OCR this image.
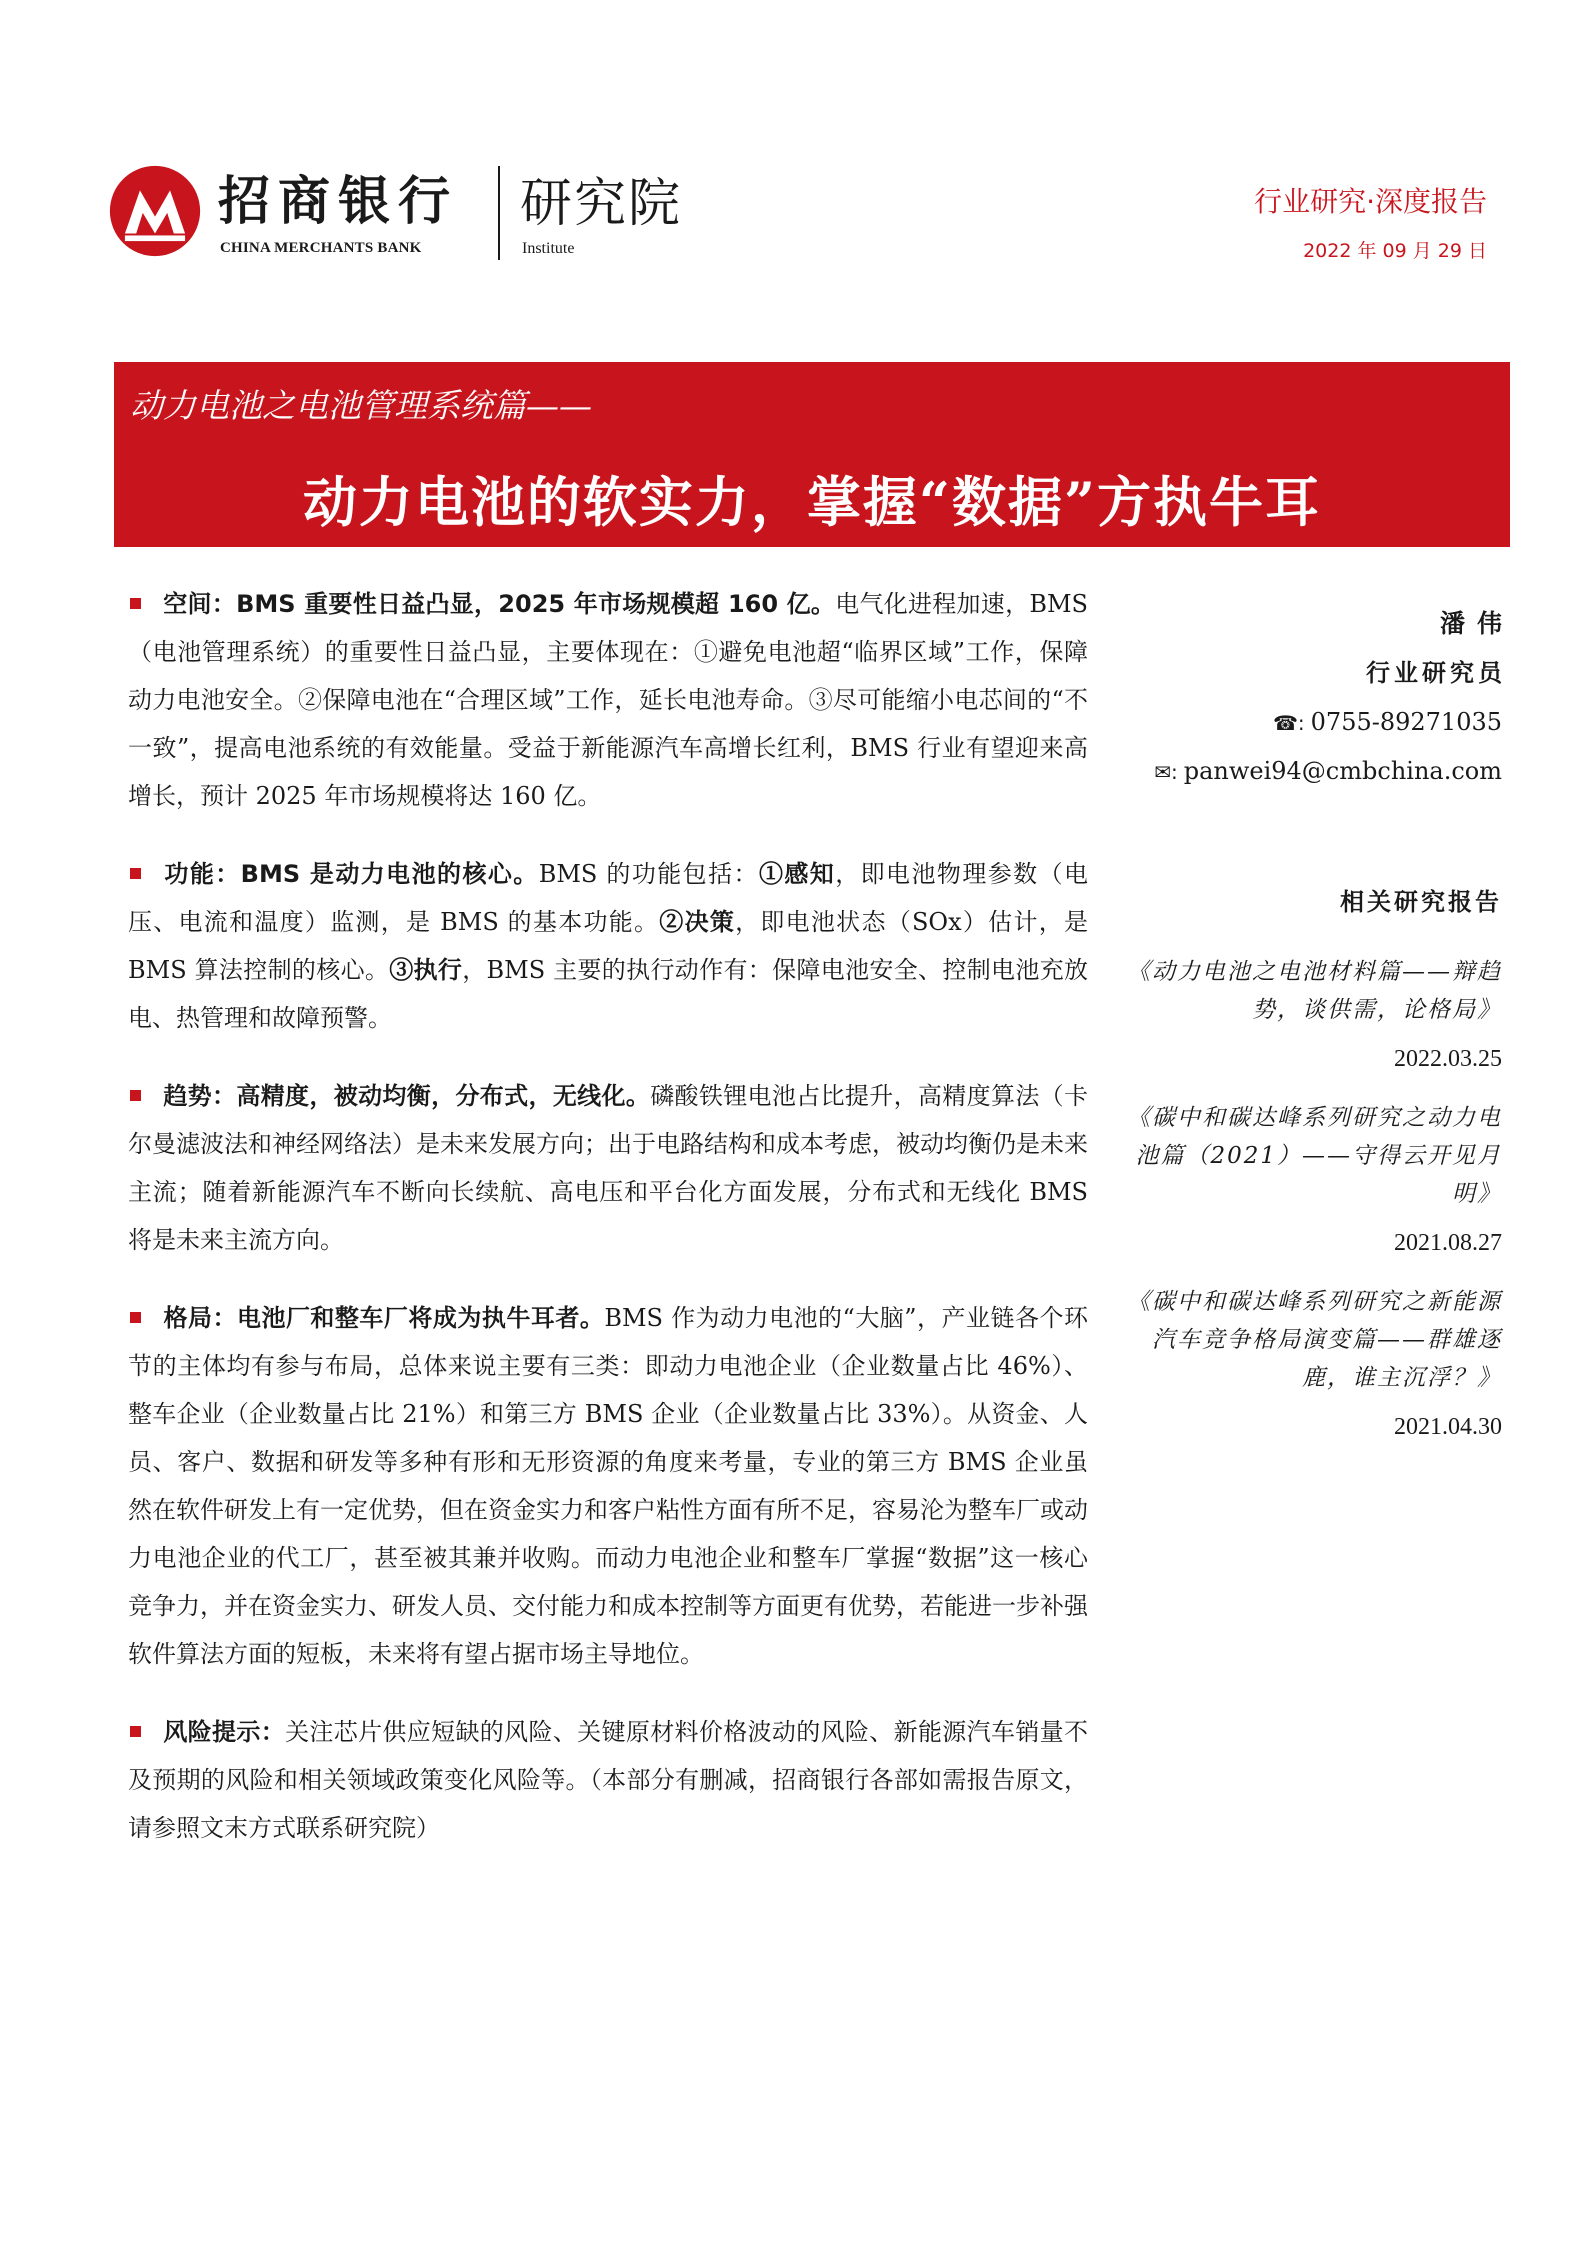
招商银行
CHINA MERCHANTS BANK
研究院
Institute
行业研究·深度报告
2022 年 09 月 29 日
动力电池之电池管理系统篇——
动力电池的软实力，掌握“数据”方执牛耳

空间：BMS 重要性日益凸显，2025 年市场规模超 160 亿。电气化进程加速，BMS（电池管理系统）的重要性日益凸显，主要体现在：①避免电池超“临界区域”工作，保障动力电池安全。②保障电池在“合理区域”工作，延长电池寿命。③尽可能缩小电芯间的“不一致”，提高电池系统的有效能量。受益于新能源汽车高增长红利，BMS 行业有望迎来高增长，预计 2025 年市场规模将达 160 亿。

功能：BMS 是动力电池的核心。BMS 的功能包括：①感知，即电池物理参数（电压、电流和温度）监测，是 BMS 的基本功能。②决策，即电池状态（SOx）估计，是 BMS 算法控制的核心。③执行，BMS 主要的执行动作有：保障电池安全、控制电池充放电、热管理和故障预警。

趋势：高精度，被动均衡，分布式，无线化。磷酸铁锂电池占比提升，高精度算法（卡尔曼滤波法和神经网络法）是未来发展方向；出于电路结构和成本考虑，被动均衡仍是未来主流；随着新能源汽车不断向长续航、高电压和平台化方面发展，分布式和无线化 BMS 将是未来主流方向。

格局：电池厂和整车厂将成为执牛耳者。BMS 作为动力电池的“大脑”，产业链各个环节的主体均有参与布局，总体来说主要有三类：即动力电池企业（企业数量占比 46%）、整车企业（企业数量占比 21%）和第三方 BMS 企业（企业数量占比 33%）。从资金、人员、客户、数据和研发等多种有形和无形资源的角度来考量，专业的第三方 BMS 企业虽然在软件研发上有一定优势，但在资金实力和客户粘性方面有所不足，容易沦为整车厂或动力电池企业的代工厂，甚至被其兼并收购。而动力电池企业和整车厂掌握“数据”这一核心竞争力，并在资金实力、研发人员、交付能力和成本控制等方面更有优势，若能进一步补强软件算法方面的短板，未来将有望占据市场主导地位。

风险提示：关注芯片供应短缺的风险、关键原材料价格波动的风险、新能源汽车销量不及预期的风险和相关领域政策变化风险等。（本部分有删减，招商银行各部如需报告原文，请参照文末方式联系研究院）

潘伟
行业研究员
☎: 0755-89271035
✉: panwei94@cmbchina.com
相关研究报告
《动力电池之电池材料篇——辩趋势，谈供需，论格局》
2022.03.25
《碳中和碳达峰系列研究之动力电池篇（2021）——守得云开见月明》
2021.08.27
《碳中和碳达峰系列研究之新能源汽车竞争格局演变篇——群雄逐鹿，谁主沉浮？》
2021.04.30
